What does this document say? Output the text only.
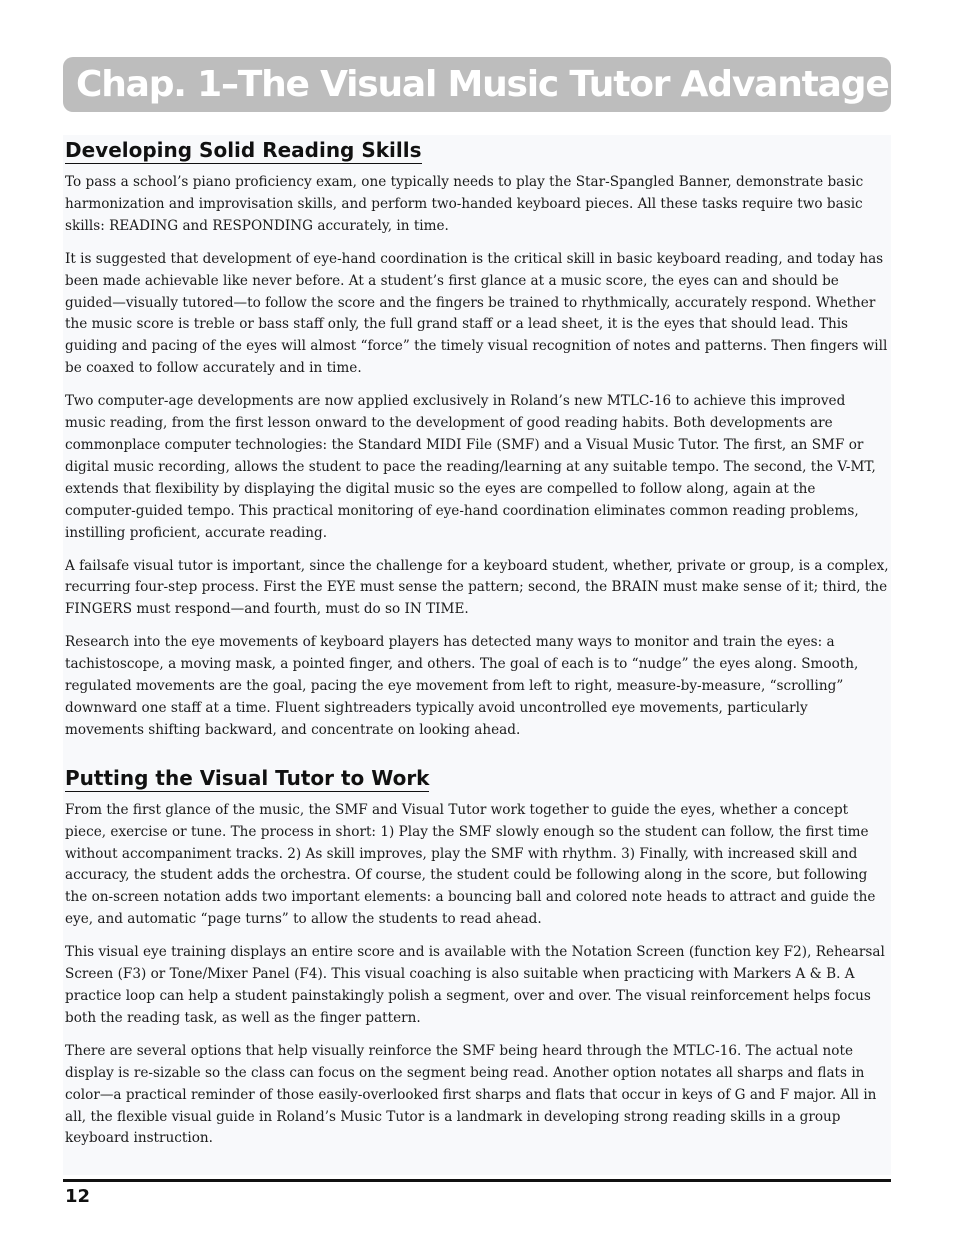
Chap. 1–The Visual Music Tutor Advantage
Developing Solid Reading Skills

To pass a school’s piano proficiency exam, one typically needs to play the Star-Spangled Banner, demonstrate basic harmonization and improvisation skills, and perform two-handed keyboard pieces. All these tasks require two basic skills: READING and RESPONDING accurately, in time.

It is suggested that development of eye-hand coordination is the critical skill in basic keyboard reading, and today has been made achievable like never before. At a student’s first glance at a music score, the eyes can and should be guided—visually tutored—to follow the score and the fingers be trained to rhythmically, accurately respond. Whether the music score is treble or bass staff only, the full grand staff or a lead sheet, it is the eyes that should lead. This guiding and pacing of the eyes will almost “force” the timely visual recognition of notes and patterns. Then fingers will be coaxed to follow accurately and in time.

Two computer-age developments are now applied exclusively in Roland’s new MTLC-16 to achieve this improved music reading, from the first lesson onward to the development of good reading habits. Both developments are commonplace computer technologies: the Standard MIDI File (SMF) and a Visual Music Tutor. The first, an SMF or digital music recording, allows the student to pace the reading/learning at any suitable tempo. The second, the V-MT, extends that flexibility by displaying the digital music so the eyes are compelled to follow along, again at the computer-guided tempo. This practical monitoring of eye-hand coordination eliminates common reading problems, instilling proficient, accurate reading.

A failsafe visual tutor is important, since the challenge for a keyboard student, whether, private or group, is a complex, recurring four-step process. First the EYE must sense the pattern; second, the BRAIN must make sense of it; third, the FINGERS must respond—and fourth, must do so IN TIME.

Research into the eye movements of keyboard players has detected many ways to monitor and train the eyes: a tachistoscope, a moving mask, a pointed finger, and others. The goal of each is to “nudge” the eyes along. Smooth, regulated movements are the goal, pacing the eye movement from left to right, measure-by-measure, “scrolling” downward one staff at a time. Fluent sightreaders typically avoid uncontrolled eye movements, particularly movements shifting backward, and concentrate on looking ahead.

Putting the Visual Tutor to Work

From the first glance of the music, the SMF and Visual Tutor work together to guide the eyes, whether a concept piece, exercise or tune. The process in short: 1) Play the SMF slowly enough so the student can follow, the first time without accompaniment tracks. 2) As skill improves, play the SMF with rhythm. 3) Finally, with increased skill and accuracy, the student adds the orchestra. Of course, the student could be following along in the score, but following the on-screen notation adds two important elements: a bouncing ball and colored note heads to attract and guide the eye, and automatic “page turns” to allow the students to read ahead.

This visual eye training displays an entire score and is available with the Notation Screen (function key F2), Rehearsal Screen (F3) or Tone/Mixer Panel (F4). This visual coaching is also suitable when practicing with Markers A & B. A practice loop can help a student painstakingly polish a segment, over and over. The visual reinforcement helps focus both the reading task, as well as the finger pattern.

There are several options that help visually reinforce the SMF being heard through the MTLC-16. The actual note display is re-sizable so the class can focus on the segment being read. Another option notates all sharps and flats in color—a practical reminder of those easily-overlooked first sharps and flats that occur in keys of G and F major. All in all, the flexible visual guide in Roland’s Music Tutor is a landmark in developing strong reading skills in a group keyboard instruction.

12
